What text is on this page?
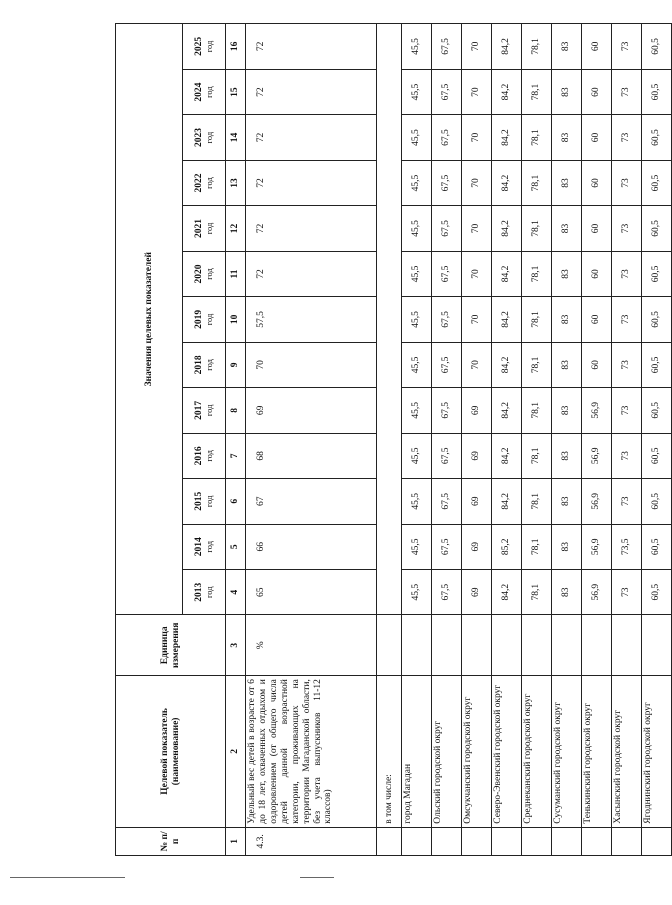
№ п/п	Целевой показатель (наименование)	Единица измерения	Значения целевых показателей												

			2013 год	2014 год	2015 год	2016 год	2017 год	2018 год	2019 год	2020 год	2021 год	2022 год	2023 год	2024 год	2025 год

1	2	3	4	5	6	7	8	9	10	11	12	13	14	15	16
4.3.	Удельный вес детей в возрасте от 6 до 18 лет, охваченных отдыхом и оздоровлением (от общего числа детей данной возрастной категории, проживающих на территории Магаданской области, без учета выпускников 11-12 классов)	%	65	66	67	68	69	70	57,5	72	72	72	72	72	72
	в том числе:														
	город Магадан		45,5	45,5	45,5	45,5	45,5	45,5	45,5	45,5	45,5	45,5	45,5	45,5	45,5
	Ольский городской округ		67,5	67,5	67,5	67,5	67,5	67,5	67,5	67,5	67,5	67,5	67,5	67,5	67,5
	Омсукчанский городской округ		69	69	69	69	69	70	70	70	70	70	70	70	70
	Северо-Эвенский городской округ		84,2	85,2	84,2	84,2	84,2	84,2	84,2	84,2	84,2	84,2	84,2	84,2	84,2
	Среднеканский городской округ		78,1	78,1	78,1	78,1	78,1	78,1	78,1	78,1	78,1	78,1	78,1	78,1	78,1
	Сусуманский городской округ		83	83	83	83	83	83	83	83	83	83	83	83	83
	Тенькинский городской округ		56,9	56,9	56,9	56,9	56,9	60	60	60	60	60	60	60	60
	Хасынский городской округ		73	73,5	73	73	73	73	73	73	73	73	73	73	73
	Ягоднинский городской округ		60,5	60,5	60,5	60,5	60,5	60,5	60,5	60,5	60,5	60,5	60,5	60,5	60,5
